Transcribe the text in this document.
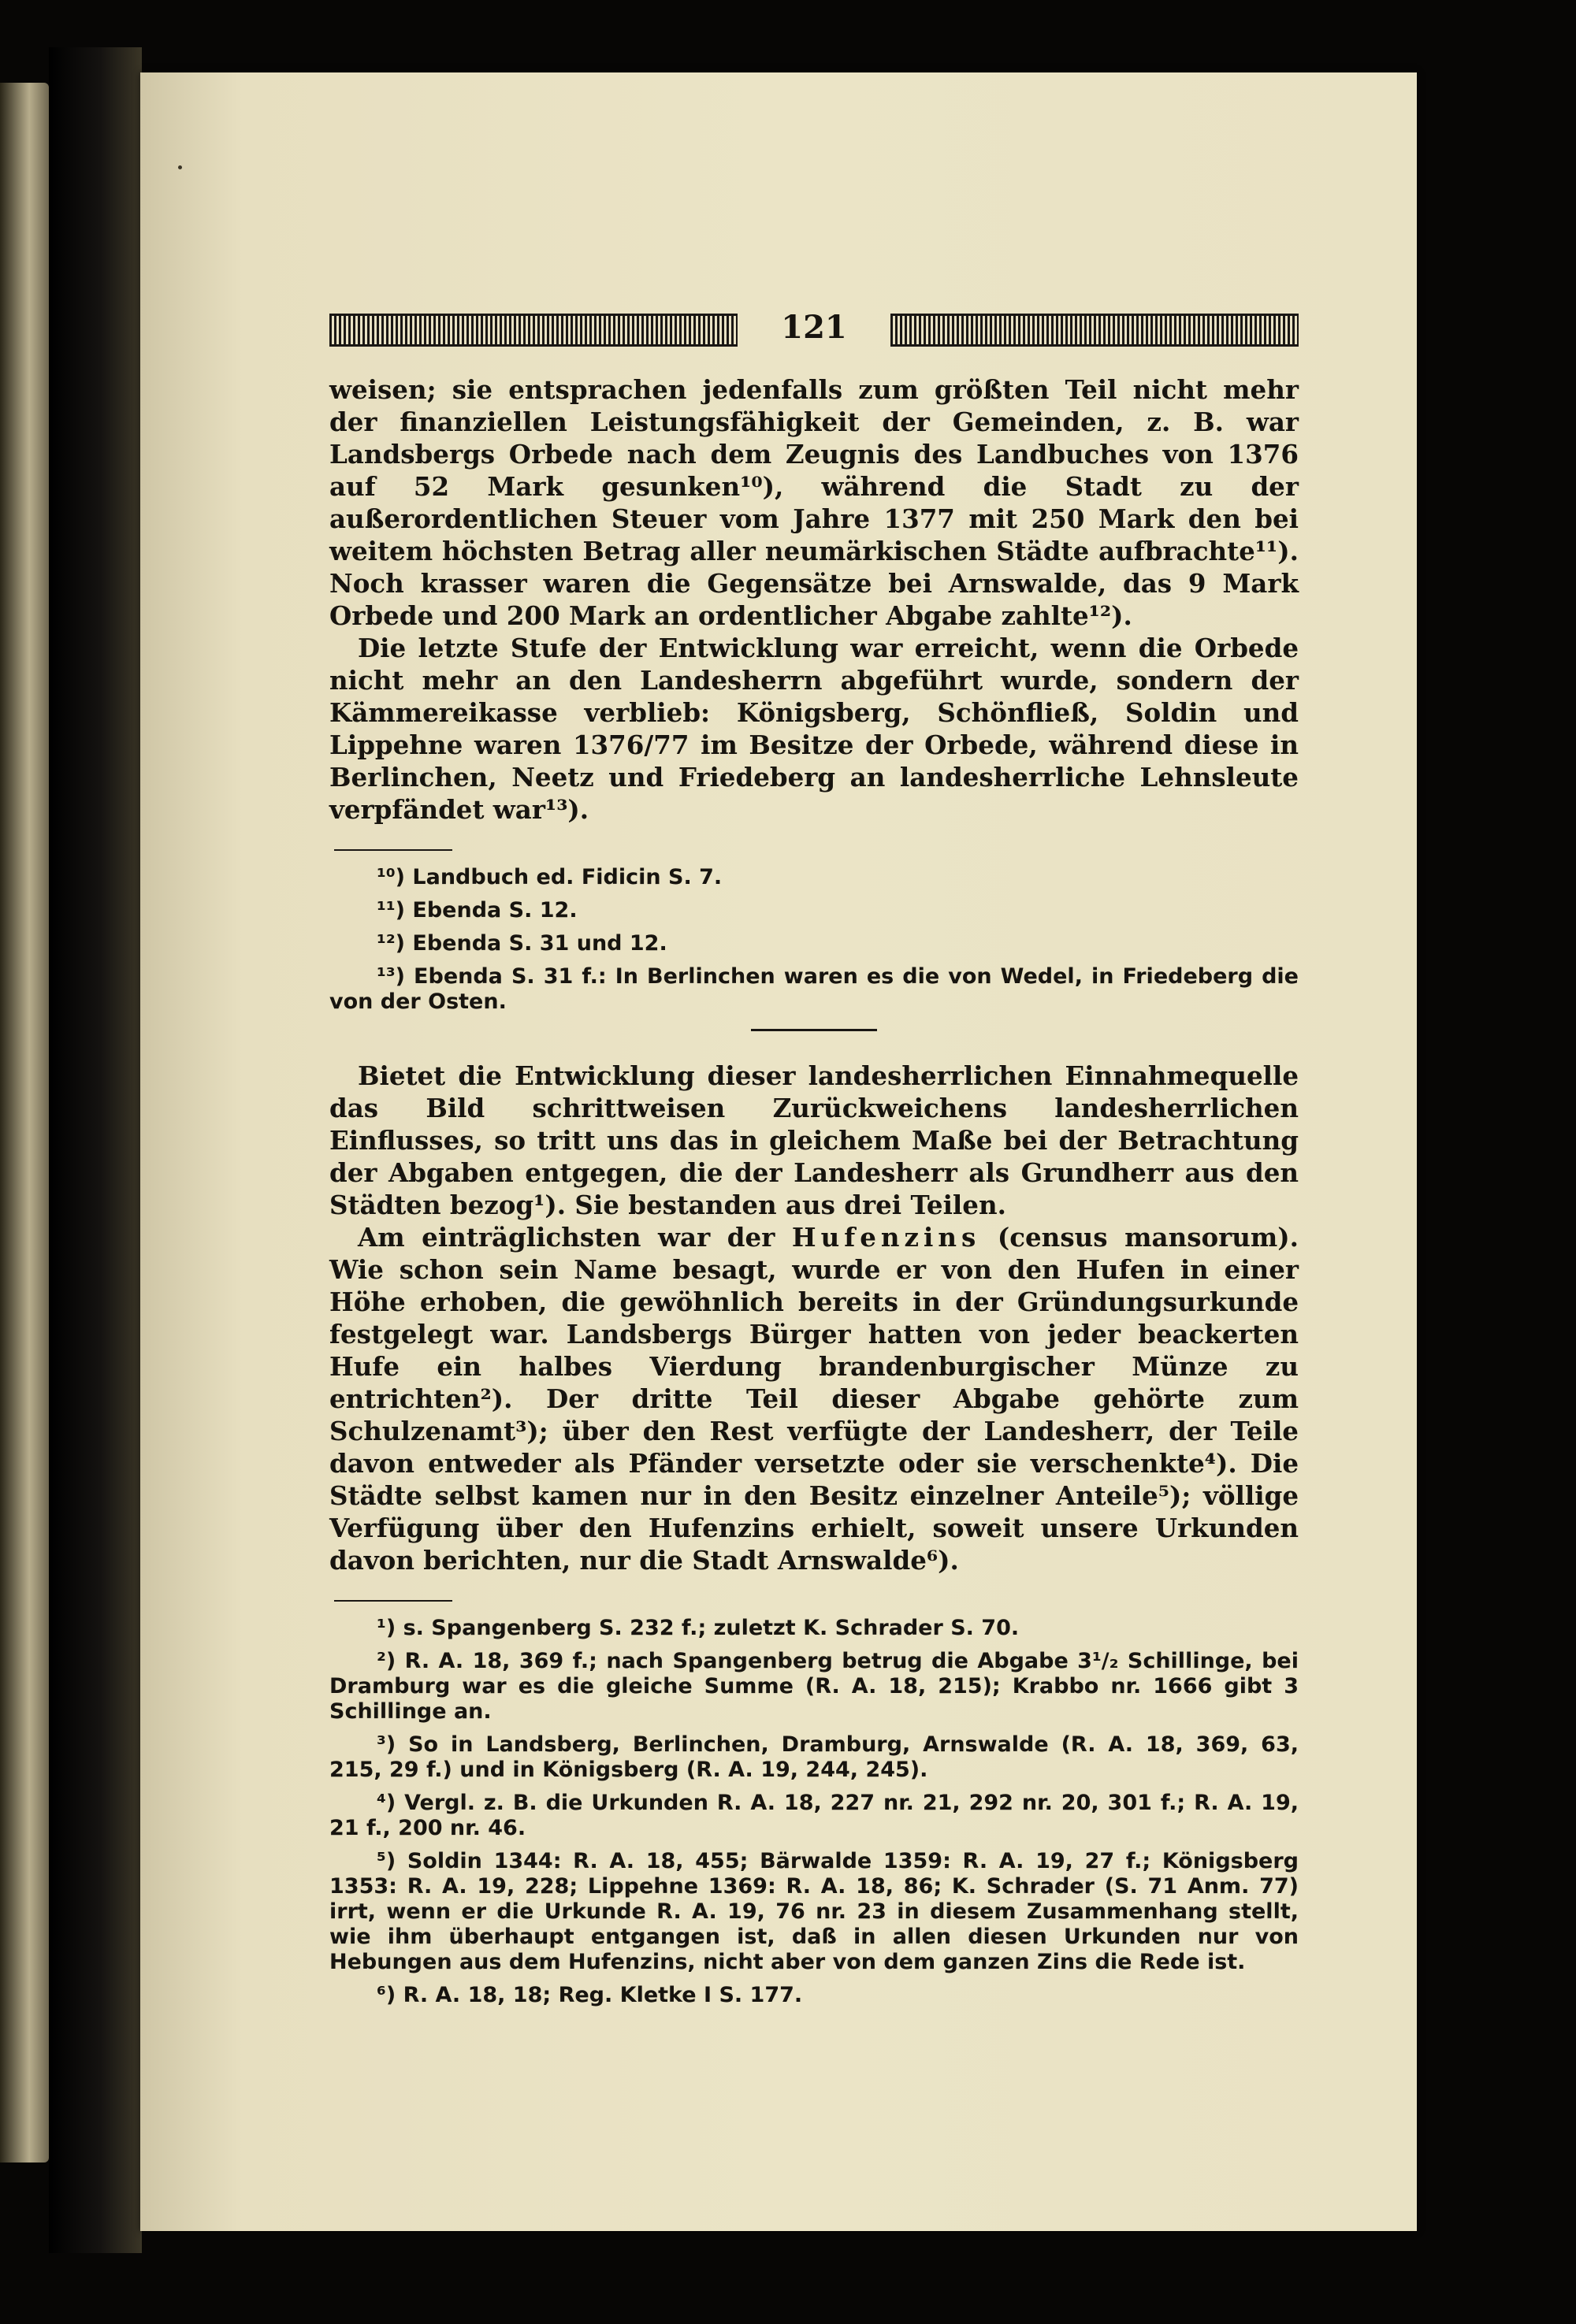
121

weisen; sie entsprachen jedenfalls zum größten Teil nicht mehr der finanziellen Leistungsfähigkeit der Gemeinden, z. B. war Landsbergs Orbede nach dem Zeugnis des Landbuches von 1376 auf 52 Mark gesunken¹⁰), während die Stadt zu der außerordentlichen Steuer vom Jahre 1377 mit 250 Mark den bei weitem höchsten Betrag aller neumärkischen Städte aufbrachte¹¹). Noch krasser waren die Gegensätze bei Arnswalde, das 9 Mark Orbede und 200 Mark an ordentlicher Abgabe zahlte¹²).

Die letzte Stufe der Entwicklung war erreicht, wenn die Orbede nicht mehr an den Landesherrn abgeführt wurde, sondern der Kämmereikasse verblieb: Königsberg, Schönfließ, Soldin und Lippehne waren 1376/77 im Besitze der Orbede, während diese in Berlinchen, Neetz und Friedeberg an landesherrliche Lehnsleute verpfändet war¹³).

¹⁰) Landbuch ed. Fidicin S. 7.

¹¹) Ebenda S. 12.

¹²) Ebenda S. 31 und 12.

¹³) Ebenda S. 31 f.: In Berlinchen waren es die von Wedel, in Friedeberg die von der Osten.

Bietet die Entwicklung dieser landesherrlichen Einnahmequelle das Bild schrittweisen Zurückweichens landesherrlichen Einflusses, so tritt uns das in gleichem Maße bei der Betrachtung der Abgaben entgegen, die der Landesherr als Grundherr aus den Städten bezog¹). Sie bestanden aus drei Teilen.

Am einträglichsten war der Hufenzins (census mansorum). Wie schon sein Name besagt, wurde er von den Hufen in einer Höhe erhoben, die gewöhnlich bereits in der Gründungsurkunde festgelegt war. Landsbergs Bürger hatten von jeder beackerten Hufe ein halbes Vierdung brandenburgischer Münze zu entrichten²). Der dritte Teil dieser Abgabe gehörte zum Schulzenamt³); über den Rest verfügte der Landesherr, der Teile davon entweder als Pfänder versetzte oder sie verschenkte⁴). Die Städte selbst kamen nur in den Besitz einzelner Anteile⁵); völlige Verfügung über den Hufenzins erhielt, soweit unsere Urkunden davon berichten, nur die Stadt Arnswalde⁶).

¹) s. Spangenberg S. 232 f.; zuletzt K. Schrader S. 70.

²) R. A. 18, 369 f.; nach Spangenberg betrug die Abgabe 3¹/₂ Schillinge, bei Dramburg war es die gleiche Summe (R. A. 18, 215); Krabbo nr. 1666 gibt 3 Schillinge an.

³) So in Landsberg, Berlinchen, Dramburg, Arnswalde (R. A. 18, 369, 63, 215, 29 f.) und in Königsberg (R. A. 19, 244, 245).

⁴) Vergl. z. B. die Urkunden R. A. 18, 227 nr. 21, 292 nr. 20, 301 f.; R. A. 19, 21 f., 200 nr. 46.

⁵) Soldin 1344: R. A. 18, 455; Bärwalde 1359: R. A. 19, 27 f.; Königsberg 1353: R. A. 19, 228; Lippehne 1369: R. A. 18, 86; K. Schrader (S. 71 Anm. 77) irrt, wenn er die Urkunde R. A. 19, 76 nr. 23 in diesem Zusammenhang stellt, wie ihm überhaupt entgangen ist, daß in allen diesen Urkunden nur von Hebungen aus dem Hufenzins, nicht aber von dem ganzen Zins die Rede ist.

⁶) R. A. 18, 18; Reg. Kletke I S. 177.
